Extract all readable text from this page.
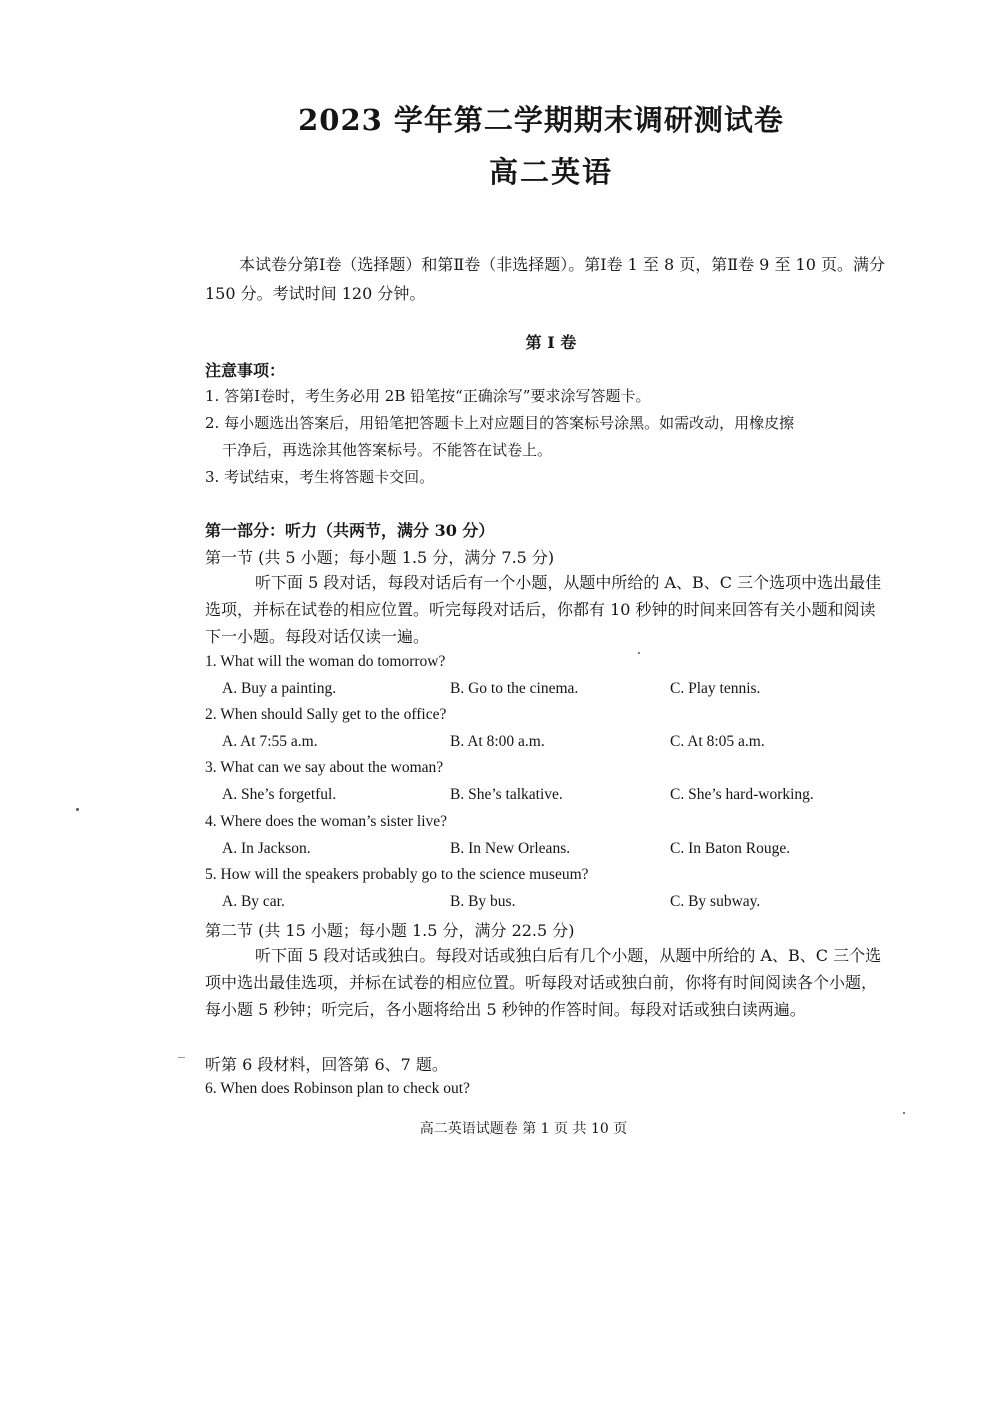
2023 学年第二学期期末调研测试卷
高二英语
本试卷分第Ⅰ卷（选择题）和第Ⅱ卷（非选择题）。第Ⅰ卷 1 至 8 页，第Ⅱ卷 9 至 10 页。满分 150 分。考试时间 120 分钟。
第 Ⅰ 卷
注意事项：
1. 答第Ⅰ卷时，考生务必用 2B 铅笔按“正确涂写”要求涂写答题卡。
2. 每小题选出答案后，用铅笔把答题卡上对应题目的答案标号涂黑。如需改动，用橡皮擦
干净后，再选涂其他答案标号。不能答在试卷上。
3. 考试结束，考生将答题卡交回。
第一部分：听力（共两节，满分 30 分）
第一节 (共 5 小题；每小题 1.5 分，满分 7.5 分)
听下面 5 段对话，每段对话后有一个小题，从题中所给的 A、B、C 三个选项中选出最佳选项，并标在试卷的相应位置。听完每段对话后，你都有 10 秒钟的时间来回答有关小题和阅读下一小题。每段对话仅读一遍。
1. What will the woman do tomorrow?
A. Buy a painting.	B. Go to the cinema.	C. Play tennis.
2. When should Sally get to the office?
A. At 7:55 a.m.	B. At 8:00 a.m.	C. At 8:05 a.m.
3. What can we say about the woman?
A. She’s forgetful.	B. She’s talkative.	C. She’s hard-working.
4. Where does the woman’s sister live?
A. In Jackson.	B. In New Orleans.	C. In Baton Rouge.
5. How will the speakers probably go to the science museum?
A. By car.	B. By bus.	C. By subway.
第二节 (共 15 小题；每小题 1.5 分，满分 22.5 分)
听下面 5 段对话或独白。每段对话或独白后有几个小题，从题中所给的 A、B、C 三个选项中选出最佳选项，并标在试卷的相应位置。听每段对话或独白前，你将有时间阅读各个小题，每小题 5 秒钟；听完后，各小题将给出 5 秒钟的作答时间。每段对话或独白读两遍。
听第 6 段材料，回答第 6、7 题。
6. When does Robinson plan to check out?
高二英语试题卷 第 1 页 共 10 页
